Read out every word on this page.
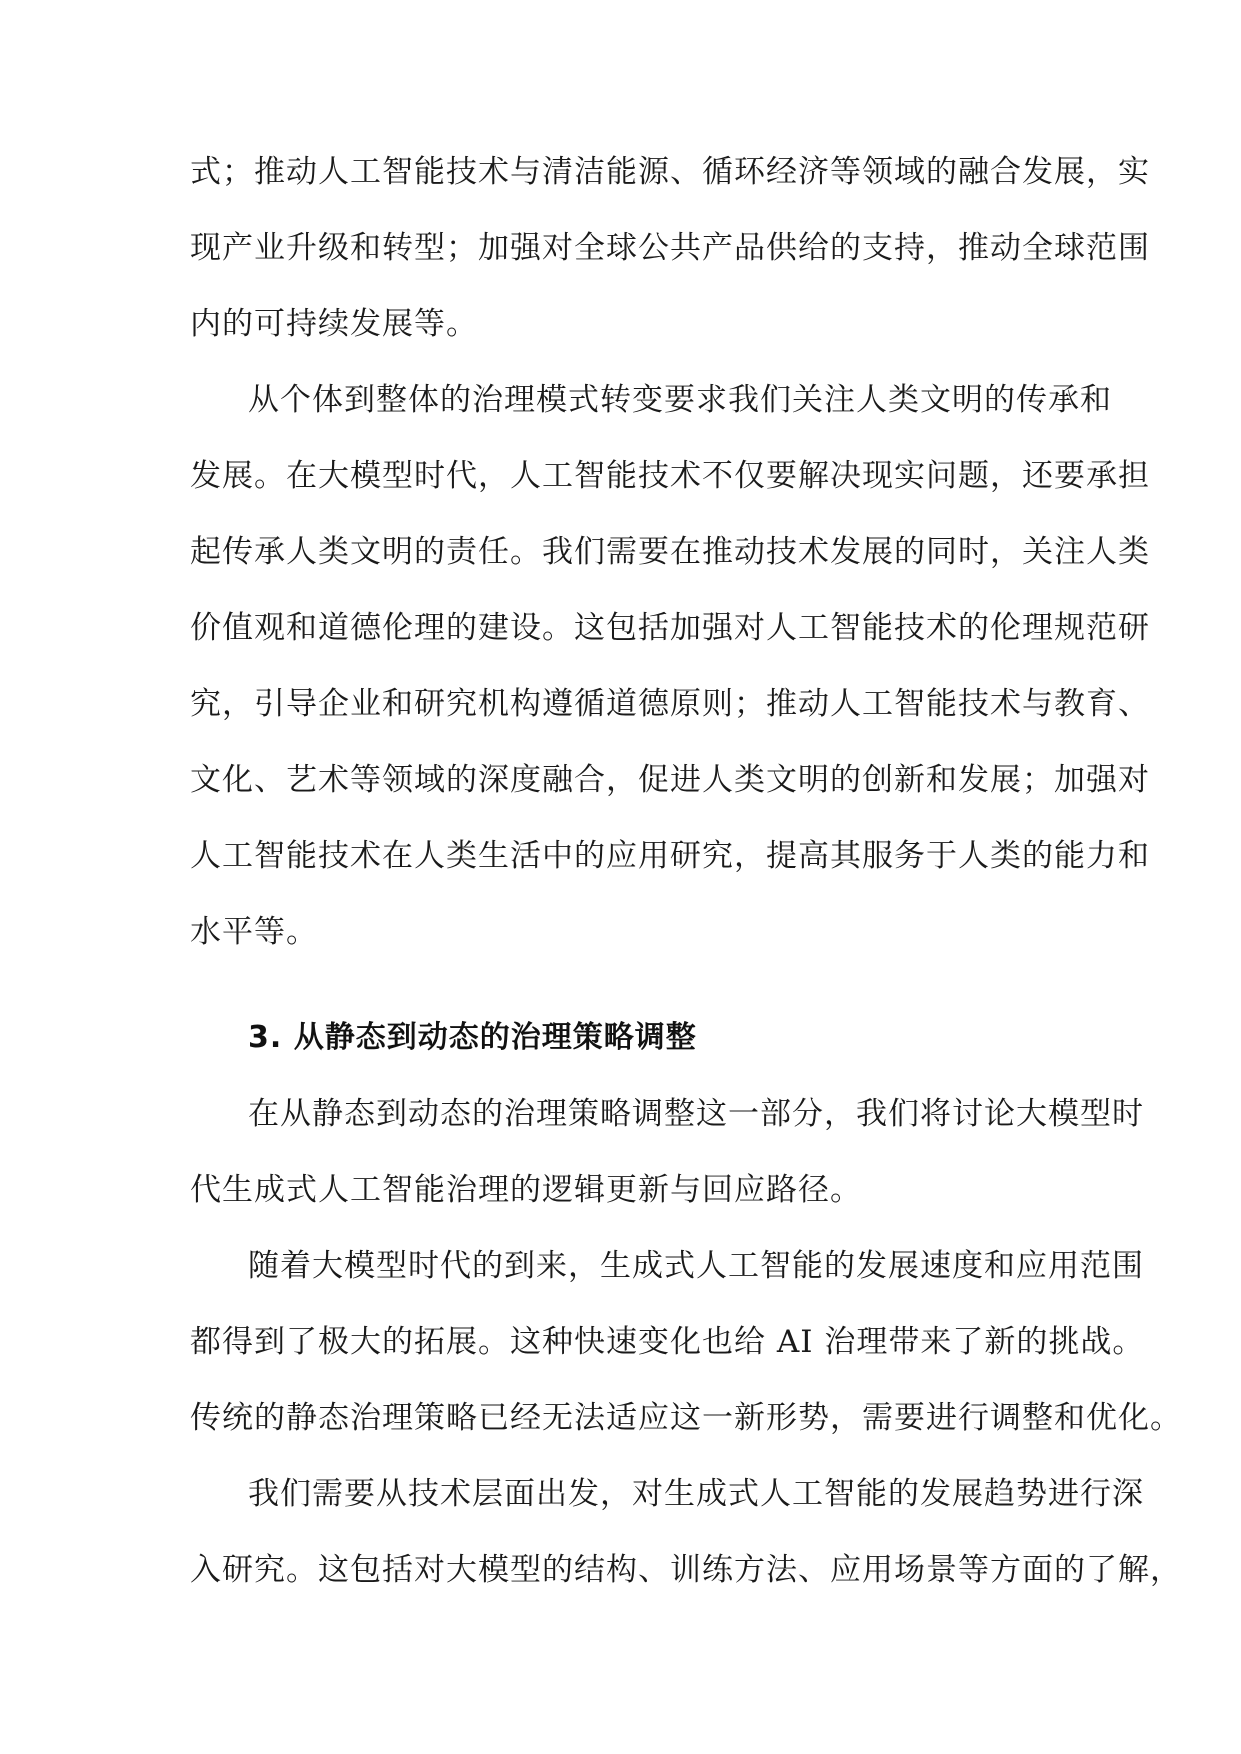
式；推动人工智能技术与清洁能源、循环经济等领域的融合发展，实
现产业升级和转型；加强对全球公共产品供给的支持，推动全球范围
内的可持续发展等。
从个体到整体的治理模式转变要求我们关注人类文明的传承和
发展。在大模型时代，人工智能技术不仅要解决现实问题，还要承担
起传承人类文明的责任。我们需要在推动技术发展的同时，关注人类
价值观和道德伦理的建设。这包括加强对人工智能技术的伦理规范研
究，引导企业和研究机构遵循道德原则；推动人工智能技术与教育、
文化、艺术等领域的深度融合，促进人类文明的创新和发展；加强对
人工智能技术在人类生活中的应用研究，提高其服务于人类的能力和
水平等。
3. 从静态到动态的治理策略调整
在从静态到动态的治理策略调整这一部分，我们将讨论大模型时
代生成式人工智能治理的逻辑更新与回应路径。
随着大模型时代的到来，生成式人工智能的发展速度和应用范围
都得到了极大的拓展。这种快速变化也给 AI 治理带来了新的挑战。
传统的静态治理策略已经无法适应这一新形势，需要进行调整和优化。
我们需要从技术层面出发，对生成式人工智能的发展趋势进行深
入研究。这包括对大模型的结构、训练方法、应用场景等方面的了解，
